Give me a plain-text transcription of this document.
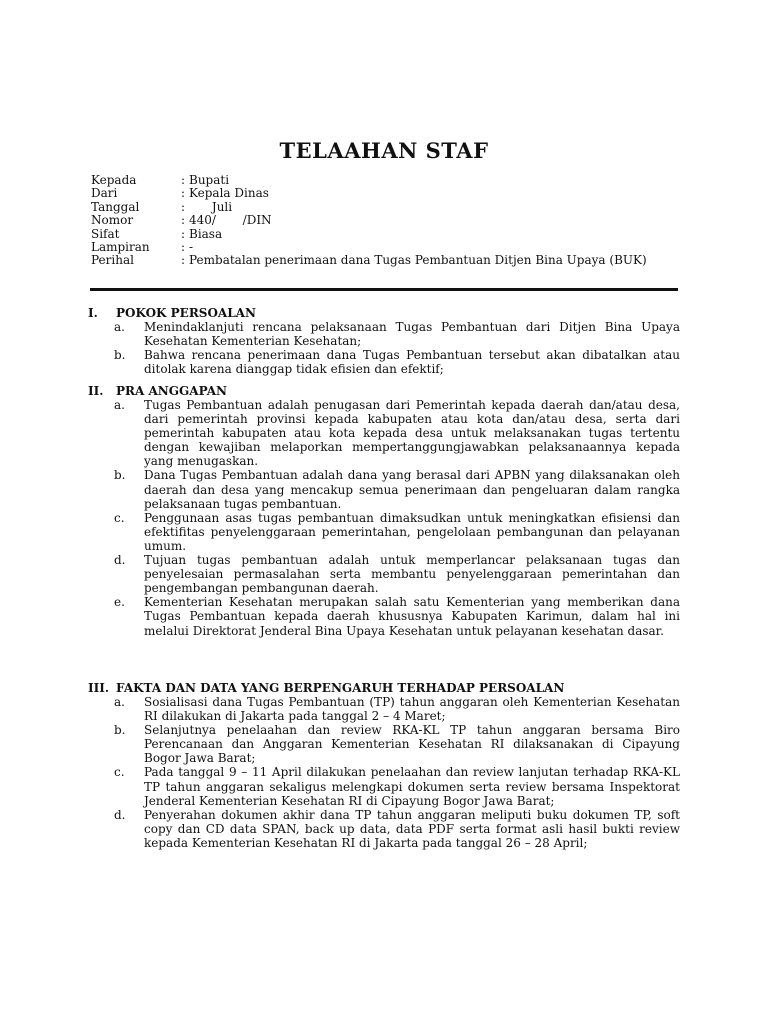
TELAAHAN STAF
Kepada	: Bupati
Dari	: Kepala Dinas
Tanggal	: Juli
Nomor	: 440/       /DIN
Sifat	: Biasa
Lampiran	: -
Perihal	: Pembatalan penerimaan dana Tugas Pembantuan Ditjen Bina Upaya (BUK)
I.	POKOK PERSOALAN
a.	Menindaklanjuti rencana pelaksanaan Tugas Pembantuan dari Ditjen Bina Upaya Kesehatan Kementerian Kesehatan;
b.	Bahwa rencana penerimaan dana Tugas Pembantuan tersebut akan dibatalkan atau ditolak karena dianggap tidak efisien dan efektif;
II.	PRA ANGGAPAN
a.	Tugas Pembantuan adalah penugasan dari Pemerintah kepada daerah dan/atau desa, dari pemerintah provinsi kepada kabupaten atau kota dan/atau desa, serta dari pemerintah kabupaten atau kota kepada desa untuk melaksanakan tugas tertentu dengan kewajiban melaporkan mempertanggungjawabkan pelaksanaannya kepada yang menugaskan.
b.	Dana Tugas Pembantuan adalah dana yang berasal dari APBN yang dilaksanakan oleh daerah dan desa yang mencakup semua penerimaan dan pengeluaran dalam rangka pelaksanaan tugas pembantuan.
c.	Penggunaan asas tugas pembantuan dimaksudkan untuk meningkatkan efisiensi dan efektifitas penyelenggaraan pemerintahan, pengelolaan pembangunan dan pelayanan umum.
d.	Tujuan tugas pembantuan adalah untuk memperlancar pelaksanaan tugas dan penyelesaian permasalahan serta membantu penyelenggaraan pemerintahan dan pengembangan pembangunan daerah.
e.	Kementerian Kesehatan merupakan salah satu Kementerian yang memberikan dana Tugas Pembantuan kepada daerah khususnya Kabupaten Karimun, dalam hal ini melalui Direktorat Jenderal Bina Upaya Kesehatan untuk pelayanan kesehatan dasar.
III. FAKTA DAN DATA YANG BERPENGARUH TERHADAP PERSOALAN
a.	Sosialisasi dana Tugas Pembantuan (TP) tahun anggaran oleh Kementerian Kesehatan RI dilakukan di Jakarta pada tanggal 2 – 4 Maret;
b.	Selanjutnya penelaahan dan review RKA-KL TP tahun anggaran bersama Biro Perencanaan dan Anggaran Kementerian Kesehatan RI dilaksanakan di Cipayung Bogor Jawa Barat;
c.	Pada tanggal 9 – 11 April dilakukan penelaahan dan review lanjutan terhadap RKA-KL TP tahun anggaran sekaligus melengkapi dokumen serta review bersama Inspektorat Jenderal Kementerian Kesehatan RI di Cipayung Bogor Jawa Barat;
d.	Penyerahan dokumen akhir dana TP tahun anggaran meliputi buku dokumen TP, soft copy dan CD data SPAN, back up data, data PDF serta format asli hasil bukti review kepada Kementerian Kesehatan RI di Jakarta pada tanggal 26 – 28 April;
